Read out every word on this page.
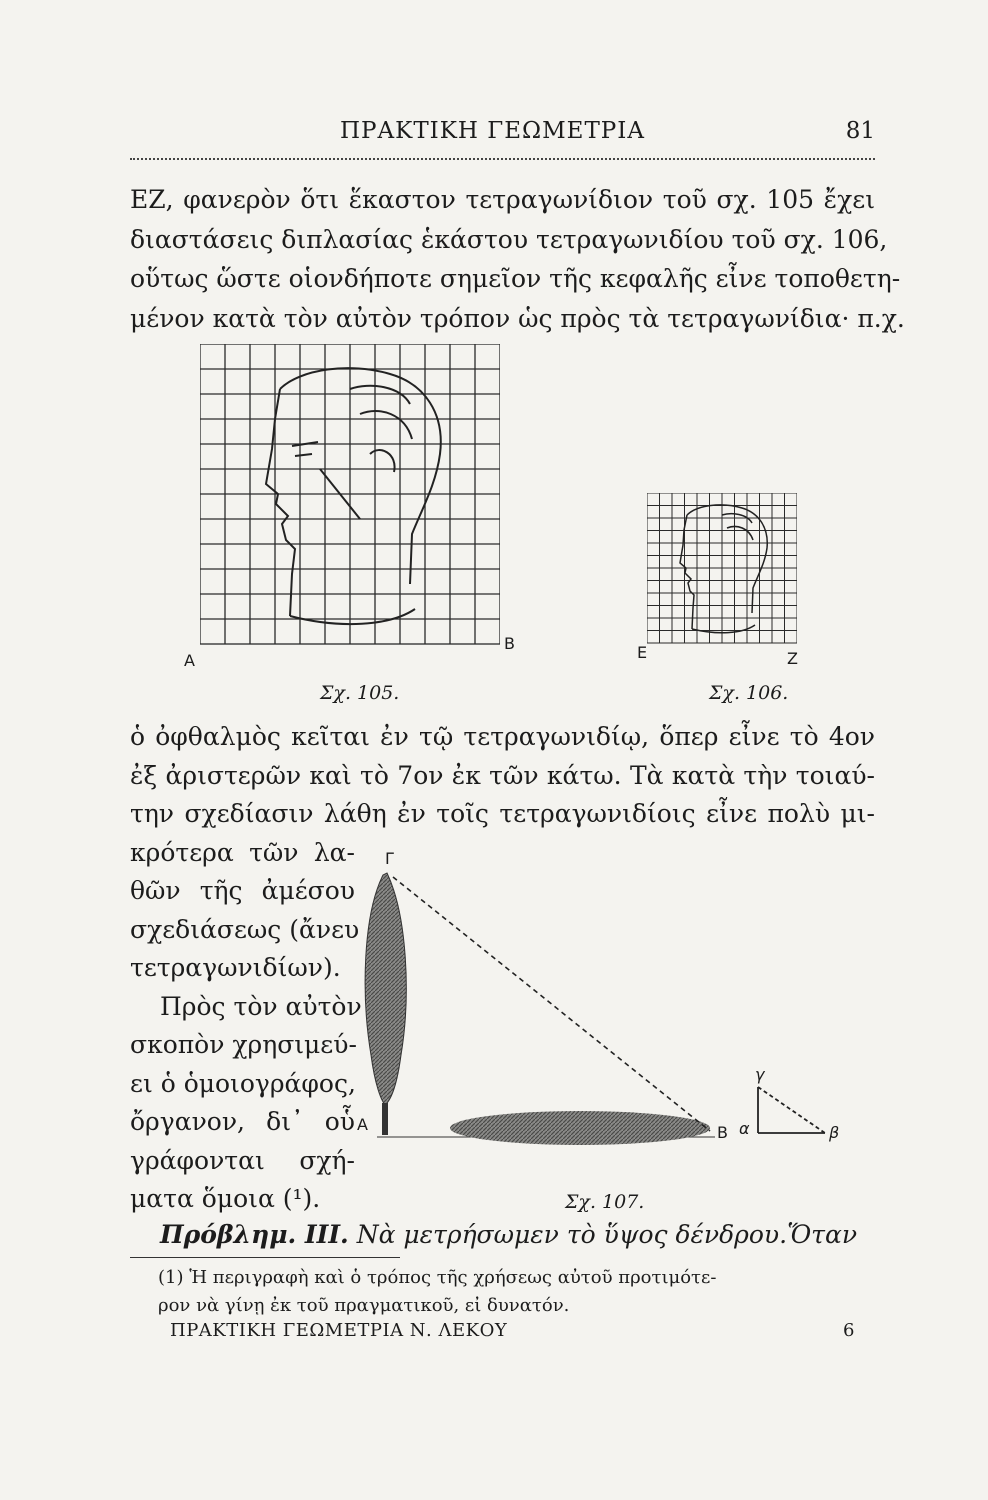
ΠΡΑΚΤΙΚΗ ΓΕΩΜΕΤΡΙΑ	81
ΕΖ, φανερὸν ὅτι ἕκαστον τετραγωνίδιον τοῦ σχ. 105 ἔχει
διαστάσεις διπλασίας ἑκάστου τετραγωνιδίου τοῦ σχ. 106,
οὕτως ὥστε οἱονδήποτε σημεῖον τῆς κεφαλῆς εἶνε τοποθετη-
μένον κατὰ τὸν αὐτὸν τρόπον ὡς πρὸς τὰ τετραγωνίδια· π.χ.
Α
Β
Σχ. 105.
Ε	Ζ
Σχ. 106.
ὁ ὀφθαλμὸς κεῖται ἐν τῷ τετραγωνιδίῳ, ὅπερ εἶνε τὸ 4ον
ἐξ ἀριστερῶν καὶ τὸ 7ον ἐκ τῶν κάτω. Τὰ κατὰ τὴν τοιαύ-
την σχεδίασιν λάθη ἐν τοῖς τετραγωνιδίοις εἶνε πολὺ μι-
κρότερα τῶν λα-
θῶν τῆς ἀμέσου
σχεδιάσεως (ἄνευ
τετραγωνιδίων).
Πρὸς τὸν αὐτὸν
σκοπὸν χρησιμεύ-
ει ὁ ὁμοιογράφος,
ὄργανον, δι᾽ οὗ
γράφονται σχή-
ματα ὅμοια (¹).
Γ
Α	Β
γ
α	β
Σχ. 107.
Πρόβλημ. III. Νὰ μετρήσωμεν τὸ ὕψος δένδρου.Ὅταν
(1) Ἡ περιγραφὴ καὶ ὁ τρόπος τῆς χρήσεως αὐτοῦ προτιμότε-
ρον νὰ γίνῃ ἐκ τοῦ πραγματικοῦ, εἰ δυνατόν.
ΠΡΑΚΤΙΚΗ ΓΕΩΜΕΤΡΙΑ Ν. ΛΕΚΟΥ	6
